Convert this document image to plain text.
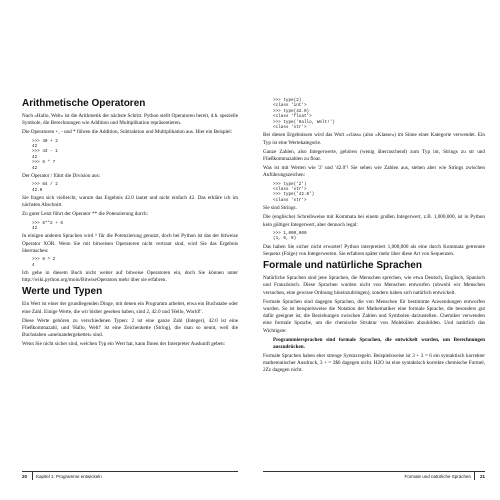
Arithmetische Operatoren

Nach »Hallo, Welt« ist die Arithmetik der nächste Schritt. Python stellt Operatoren bereit, d.h. spezielle Symbole, die Berechnungen wie Addition und Multiplikation repräsentieren.

Die Operatoren +, - und * führen die Addition, Subtraktion und Multiplikation aus. Hier ein Beispiel:

>>> 40 + 2
42
>>> 43 - 1
42
>>> 6 * 7
42

Der Operator / führt die Division aus:

>>> 84 / 2
42.0

Sie fragen sich vielleicht, warum das Ergebnis 42.0 lautet und nicht einfach 42. Das erkläre ich im nächsten Abschnitt.

Zu guter Letzt führt der Operator ** die Potenzierung durch:

>>> 6**2 + 6
42

In einigen anderen Sprachen wird ^ für die Potenzierung genutzt, doch bei Python ist das der bitweise Operator XOR. Wenn Sie mit bitweisen Operatoren nicht vertraut sind, wird Sie das Ergebnis überraschen:

>>> 6 ^ 2
4

Ich gehe in diesem Buch nicht weiter auf bitweise Operatoren ein, doch Sie können unter http://wiki.python.org/moin/BitwiseOperators mehr über sie erfahren.

Werte und Typen

Ein Wert ist einer der grundlegenden Dinge, mit denen ein Programm arbeitet, etwa ein Buchstabe oder eine Zahl. Einige Werte, die wir bisher gesehen haben, sind 2, 42.0 und 'Hello, World!'.

Diese Werte gehören zu verschiedenen Typen: 2 ist eine ganze Zahl (Integer), 42.0 ist eine Fließkommazahl, und 'Hallo, Welt!' ist eine Zeichenkette (String), die man so nennt, weil die Buchstaben »aneinandergekettet« sind.

Wenn Sie nicht sicher sind, welchen Typ ein Wert hat, kann Ihnen der Interpreter Auskunft geben:

20 Kapitel 1: Programme entwickeln
>>> type(2)
<class 'int'>
>>> type(42.0)
<class 'float'>
>>> type('Hallo, Welt!')
<class 'str'>

Bei diesen Ergebnissen wird das Wort »class« (also »Klasse«) im Sinne einer Kategorie verwendet. Ein Typ ist eine Wertekategorie.

Ganze Zahlen, also Integerwerte, gehören (wenig überraschend) zum Typ int, Strings zu str und Fließkommazahlen zu float.

Was ist mit Werten wie '2' und '42.0'? Sie sehen wie Zahlen aus, stehen aber wie Strings zwischen Anführungszeichen:

>>> type('2')
<class 'str'>
>>> type('42.0')
<class 'str'>

Sie sind Strings.

Die (englische) Schreibweise mit Kommata bei einem großen Integerwert, z.B. 1,000,000, ist in Python kein gültiger Integerwert, aber dennoch legal:

>>> 1,000,000
(1, 0, 0)

Das haben Sie sicher nicht erwartet! Python interpretiert 1,000,000 als eine durch Kommata getrennte Sequenz (Folge) von Integerwerten. Sie erfahren später mehr über diese Art von Sequenzen.

Formale und natürliche Sprachen

Natürliche Sprachen sind jene Sprachen, die Menschen sprechen, wie etwa Deutsch, Englisch, Spanisch und Französisch. Diese Sprachen wurden nicht von Menschen entworfen (obwohl wir Menschen versuchen, eine gewisse Ordnung hineinzubringen), sondern haben sich natürlich entwickelt.

Formale Sprachen sind dagegen Sprachen, die von Menschen für bestimmte Anwendungen entworfen wurden. So ist beispielsweise die Notation der Mathematiker eine formale Sprache, die besonders gut dafür geeignet ist, die Beziehungen zwischen Zahlen und Symbolen darzustellen. Chemiker verwenden eine formale Sprache, um die chemische Struktur von Molekülen abzubilden. Und natürlich das Wichtigste:

Programmiersprachen sind formale Sprachen, die entwickelt wurden, um Berechnungen auszudrücken.

Formale Sprachen haben eher strenge Syntaxregeln. Beispielsweise ist 3 + 3 = 6 ein syntaktisch korrekter mathematischer Ausdruck, 3 + = 3$6 dagegen nicht. H2O ist eine syntaktisch korrekte chemische Formel, 2Zz dagegen nicht.

Formale und natürliche Sprachen 21
